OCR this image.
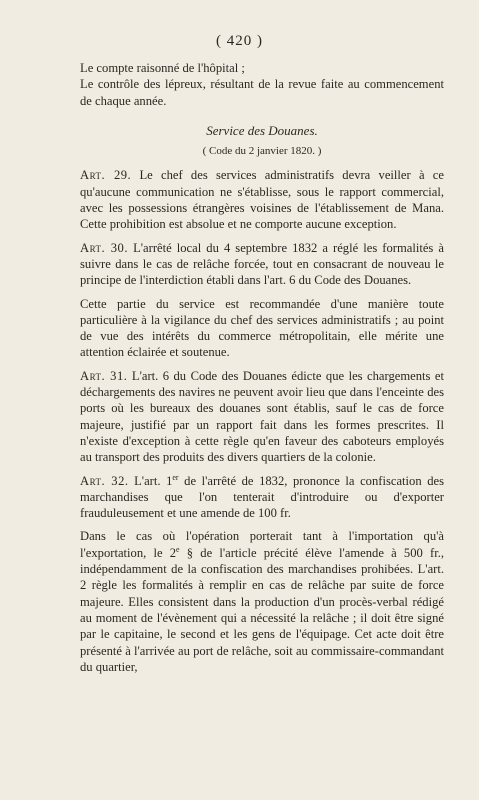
( 420 )

Le compte raisonné de l'hôpital ;

Le contrôle des lépreux, résultant de la revue faite au commencement de chaque année.

Service des Douanes.

( Code du 2 janvier 1820. )

Art. 29. Le chef des services administratifs devra veiller à ce qu'aucune communication ne s'établisse, sous le rapport commercial, avec les possessions étrangères voisines de l'établissement de Mana. Cette prohibition est absolue et ne comporte aucune exception.

Art. 30. L'arrêté local du 4 septembre 1832 a réglé les formalités à suivre dans le cas de relâche forcée, tout en consacrant de nouveau le principe de l'interdiction établi dans l'art. 6 du Code des Douanes.

Cette partie du service est recommandée d'une manière toute particulière à la vigilance du chef des services administratifs ; au point de vue des intérêts du commerce métropolitain, elle mérite une attention éclairée et soutenue.

Art. 31. L'art. 6 du Code des Douanes édicte que les chargements et déchargements des navires ne peuvent avoir lieu que dans l'enceinte des ports où les bureaux des douanes sont établis, sauf le cas de force majeure, justifié par un rapport fait dans les formes prescrites. Il n'existe d'exception à cette règle qu'en faveur des caboteurs employés au transport des produits des divers quartiers de la colonie.

Art. 32. L'art. 1er de l'arrêté de 1832, prononce la confiscation des marchandises que l'on tenterait d'introduire ou d'exporter frauduleusement et une amende de 100 fr.

Dans le cas où l'opération porterait tant à l'importation qu'à l'exportation, le 2e § de l'article précité élève l'amende à 500 fr., indépendamment de la confiscation des marchandises prohibées. L'art. 2 règle les formalités à remplir en cas de relâche par suite de force majeure. Elles consistent dans la production d'un procès-verbal rédigé au moment de l'évènement qui a nécessité la relâche ; il doit être signé par le capitaine, le second et les gens de l'équipage. Cet acte doit être présenté à l'arrivée au port de relâche, soit au commissaire-commandant du quartier,
